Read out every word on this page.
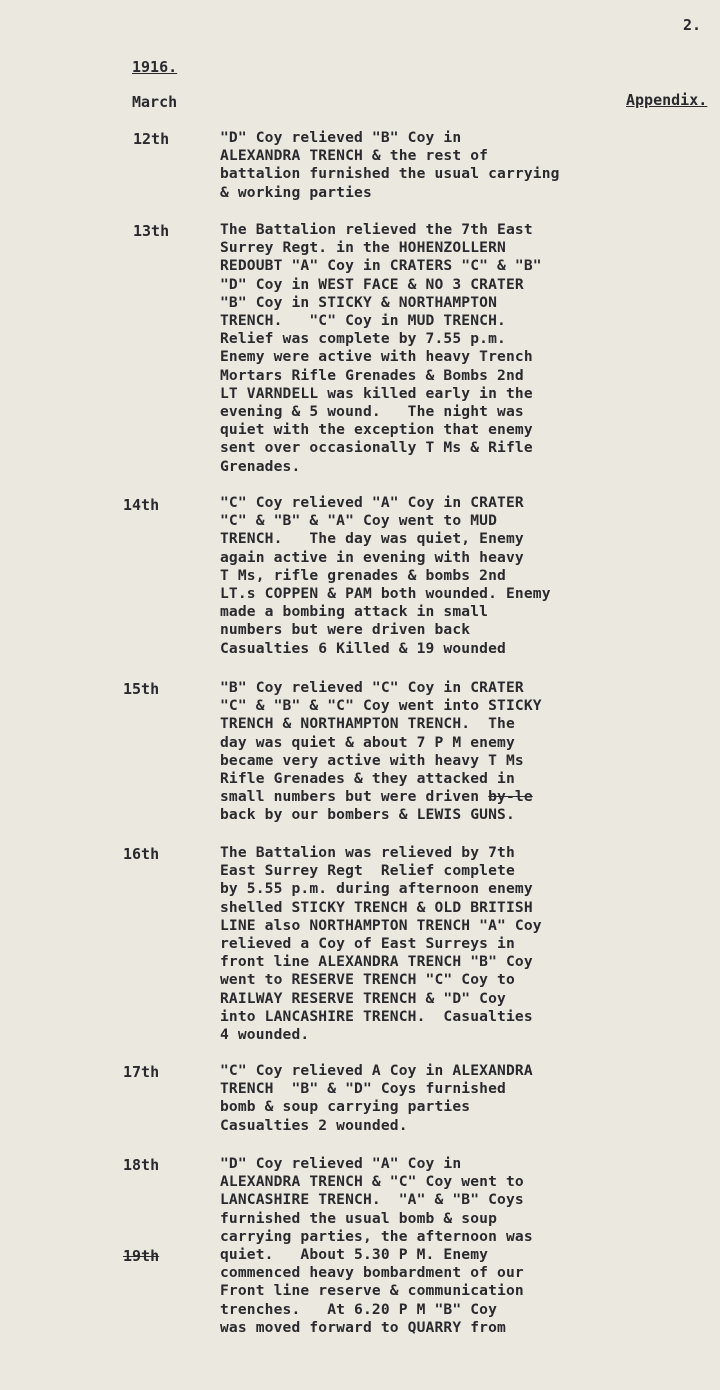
2.
1916.
March	Appendix.
12th	"D" Coy relieved "B" Coy in
ALEXANDRA TRENCH & the rest of
battalion furnished the usual carrying
& working parties
13th	The Battalion relieved the 7th East
Surrey Regt. in the HOHENZOLLERN
REDOUBT "A" Coy in CRATERS "C" & "B"
"D" Coy in WEST FACE & NO 3 CRATER
"B" Coy in STICKY & NORTHAMPTON
TRENCH.   "C" Coy in MUD TRENCH.
Relief was complete by 7.55 p.m.
Enemy were active with heavy Trench
Mortars Rifle Grenades & Bombs 2nd
LT VARNDELL was killed early in the
evening & 5 wound.   The night was
quiet with the exception that enemy
sent over occasionally T Ms & Rifle
Grenades.
14th	"C" Coy relieved "A" Coy in CRATER
"C" & "B" & "A" Coy went to MUD
TRENCH.   The day was quiet, Enemy
again active in evening with heavy
T Ms, rifle grenades & bombs 2nd
LT.s COPPEN & PAM both wounded. Enemy
made a bombing attack in small
numbers but were driven back
Casualties 6 Killed & 19 wounded
15th	"B" Coy relieved "C" Coy in CRATER
"C" & "B" & "C" Coy went into STICKY
TRENCH & NORTHAMPTON TRENCH.  The
day was quiet & about 7 P M enemy
became very active with heavy T Ms
Rifle Grenades & they attacked in
small numbers but were driven by-le
back by our bombers & LEWIS GUNS.
16th	The Battalion was relieved by 7th
East Surrey Regt  Relief complete
by 5.55 p.m. during afternoon enemy
shelled STICKY TRENCH & OLD BRITISH
LINE also NORTHAMPTON TRENCH "A" Coy
relieved a Coy of East Surreys in
front line ALEXANDRA TRENCH "B" Coy
went to RESERVE TRENCH "C" Coy to
RAILWAY RESERVE TRENCH & "D" Coy
into LANCASHIRE TRENCH.  Casualties
4 wounded.
17th	"C" Coy relieved A Coy in ALEXANDRA
TRENCH  "B" & "D" Coys furnished
bomb & soup carrying parties
Casualties 2 wounded.
18th	"D" Coy relieved "A" Coy in
ALEXANDRA TRENCH & "C" Coy went to
LANCASHIRE TRENCH.  "A" & "B" Coys
furnished the usual bomb & soup
carrying parties, the afternoon was
quiet.   About 5.30 P M. Enemy
commenced heavy bombardment of our
Front line reserve & communication
trenches.   At 6.20 P M "B" Coy
was moved forward to QUARRY from
19th
